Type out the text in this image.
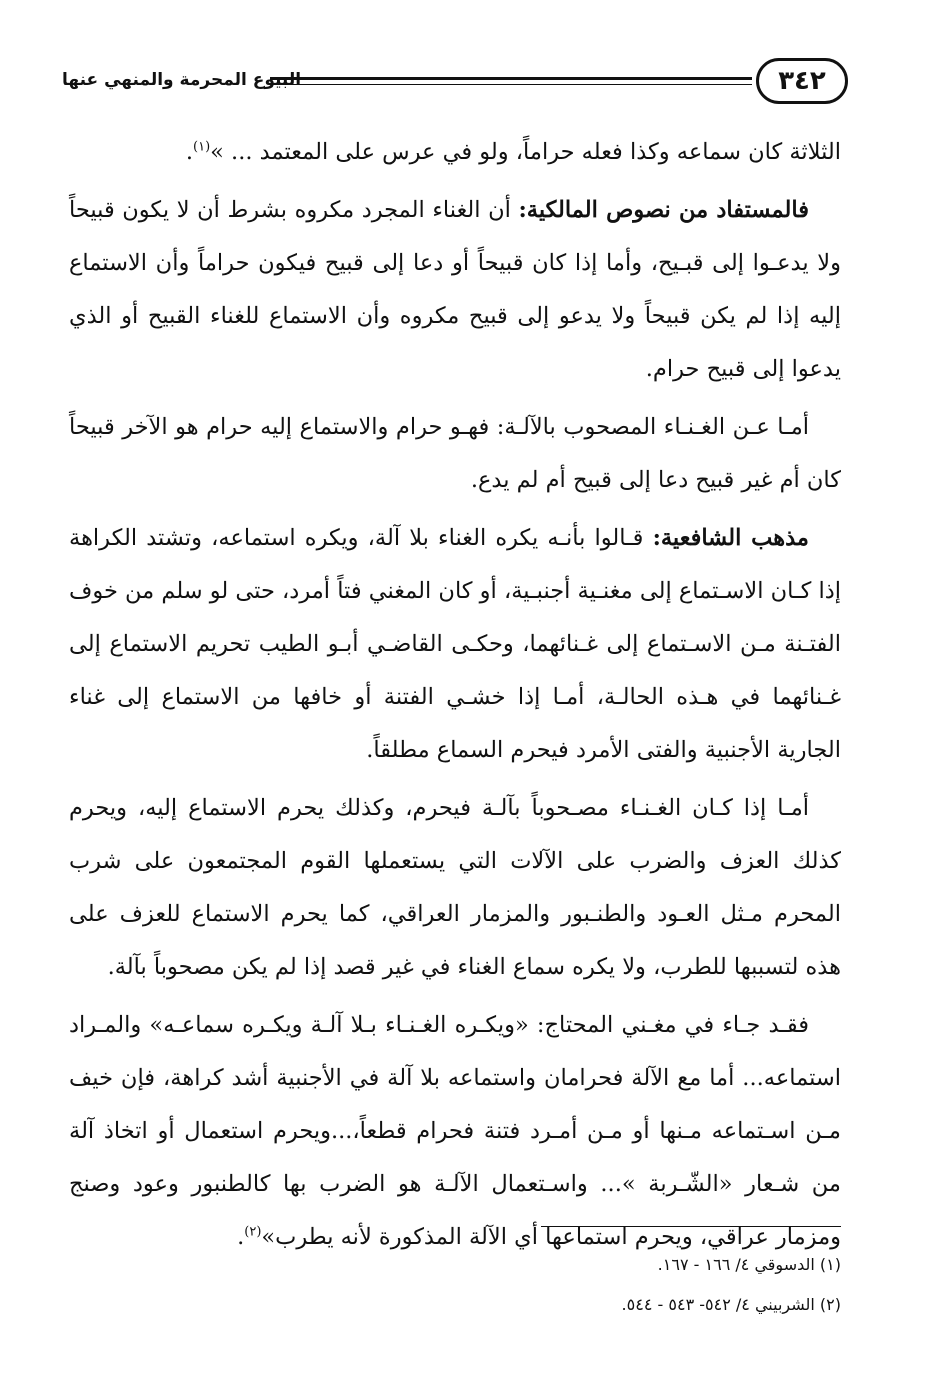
البيوع المحرمة والمنهي عنها	٣٤٢

الثلاثة كان سماعه وكذا فعله حراماً، ولو في عرس على المعتمد ... »$^{(١)}$.

فالمستفاد من نصوص المالكية: أن الغناء المجرد مكروه بشرط أن لا يكون قبيحاً ولا يدعـوا إلى قبـيح، وأما إذا كان قبيحاً أو دعا إلى قبيح فيكون حراماً وأن الاستماع إليه إذا لم يكن قبيحاً ولا يدعو إلى قبيح مكروه وأن الاستماع للغناء القبيح أو الذي يدعوا إلى قبيح حرام.

أمـا عـن الغـنـاء المصحوب بالآلـة: فهـو حرام والاستماع إليه حرام هو الآخر قبيحاً كان أم غير قبيح دعا إلى قبيح أم لم يدع.

مذهب الشافعية: قـالوا بأنـه يكره الغناء بلا آلة، ويكره استماعه، وتشتد الكراهة إذا كـان الاسـتماع إلى مغنـية أجنبـية، أو كان المغني فتاً أمرد، حتى لو سلم من خوف الفتـنة مـن الاسـتماع إلى غـنائهما، وحكـى القاضـي أبـو الطيب تحريم الاستماع إلى غـنائهما في هـذه الحالـة، أمـا إذا خشـي الفتنة أو خافها من الاستماع إلى غناء الجارية الأجنبية والفتى الأمرد فيحرم السماع مطلقاً.

أمـا إذا كـان الغـنـاء مصـحوباً بآلـة فيحرم، وكذلك يحرم الاستماع إليه، ويحرم كذلك العزف والضرب على الآلات التي يستعملها القوم المجتمعون على شرب المحرم مـثل العـود والطنـبور والمزمار العراقي، كما يحرم الاستماع للعزف على هذه لتسببها للطرب، ولا يكره سماع الغناء في غير قصد إذا لم يكن مصحوباً بآلة.

فقـد جـاء في مغـني المحتاج: «ويكـره الغـنـاء بـلا آلـة ويكـره سماعـه» والمـراد استماعه... أما مع الآلة فحرامان واستماعه بلا آلة في الأجنبية أشد كراهة، فإن خيف مـن اسـتماعه مـنها أو مـن أمـرد فتنة فحرام قطعاً،...ويحرم استعمال أو اتخاذ آلة من شـعار «الشّـربة »... واسـتعمال الآلـة هو الضرب بها كالطنبور وعود وصنج ومزمار عراقي، ويحرم استماعها أي الآلة المذكورة لأنه يطرب»$^{(٢)}$.

(١) الدسوقي ٤/ ١٦٦ - ١٦٧.
(٢) الشربيني ٤/ ٥٤٢- ٥٤٣ - ٥٤٤.
